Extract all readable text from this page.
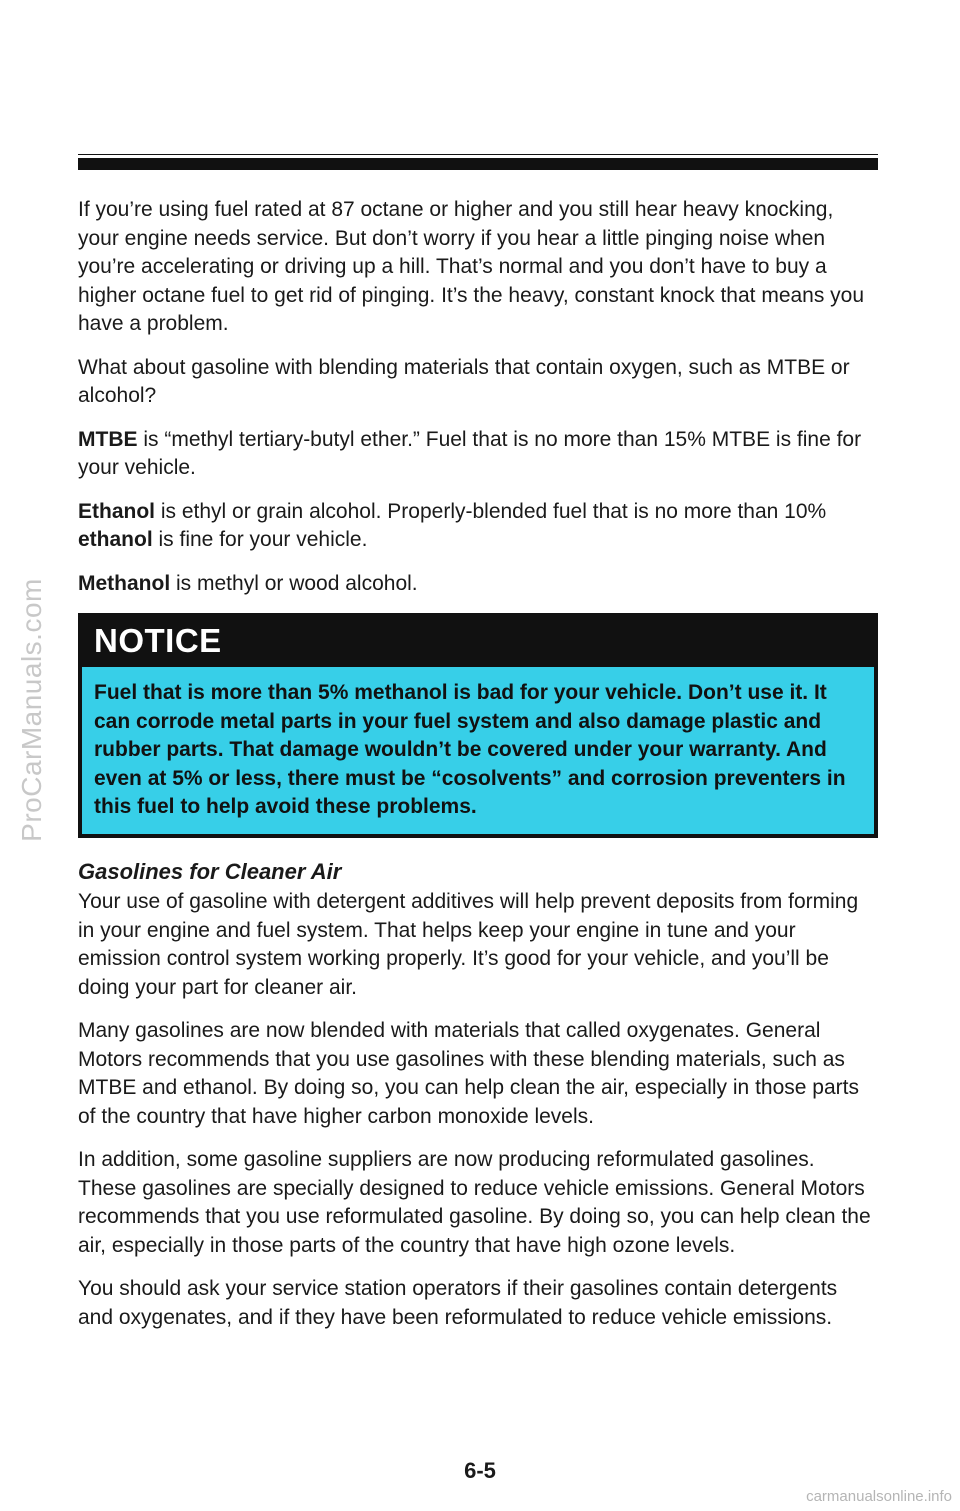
ProCarManuals.com

If you’re using fuel rated at 87 octane or higher and you still hear heavy knocking, your engine needs service. But don’t worry if you hear a little pinging noise when you’re accelerating or driving up a hill. That’s normal and you don’t have to buy a higher octane fuel to get rid of pinging. It’s the heavy, constant knock that means you have a problem.

What about gasoline with blending materials that contain oxygen, such as MTBE or alcohol?

MTBE is “methyl tertiary-butyl ether.” Fuel that is no more than 15% MTBE is fine for your vehicle.

Ethanol is ethyl or grain alcohol. Properly-blended fuel that is no more than 10% ethanol is fine for your vehicle.

Methanol is methyl or wood alcohol.

NOTICE
Fuel that is more than 5% methanol is bad for your vehicle. Don’t use it. It can corrode metal parts in your fuel system and also damage plastic and rubber parts. That damage wouldn’t be covered under your warranty. And even at 5% or less, there must be “cosolvents” and corrosion preventers in this fuel to help avoid these problems.
Gasolines for Cleaner Air

Your use of gasoline with detergent additives will help prevent deposits from forming in your engine and fuel system. That helps keep your engine in tune and your emission control system working properly. It’s good for your vehicle, and you’ll be doing your part for cleaner air.

Many gasolines are now blended with materials that called oxygenates. General Motors recommends that you use gasolines with these blending materials, such as MTBE and ethanol. By doing so, you can help clean the air, especially in those parts of the country that have higher carbon monoxide levels.

In addition, some gasoline suppliers are now producing reformulated gasolines. These gasolines are specially designed to reduce vehicle emissions. General Motors recommends that you use reformulated gasoline. By doing so, you can help clean the air, especially in those parts of the country that have high ozone levels.

You should ask your service station operators if their gasolines contain detergents and oxygenates, and if they have been reformulated to reduce vehicle emissions.

6-5
carmanualsonline.info
